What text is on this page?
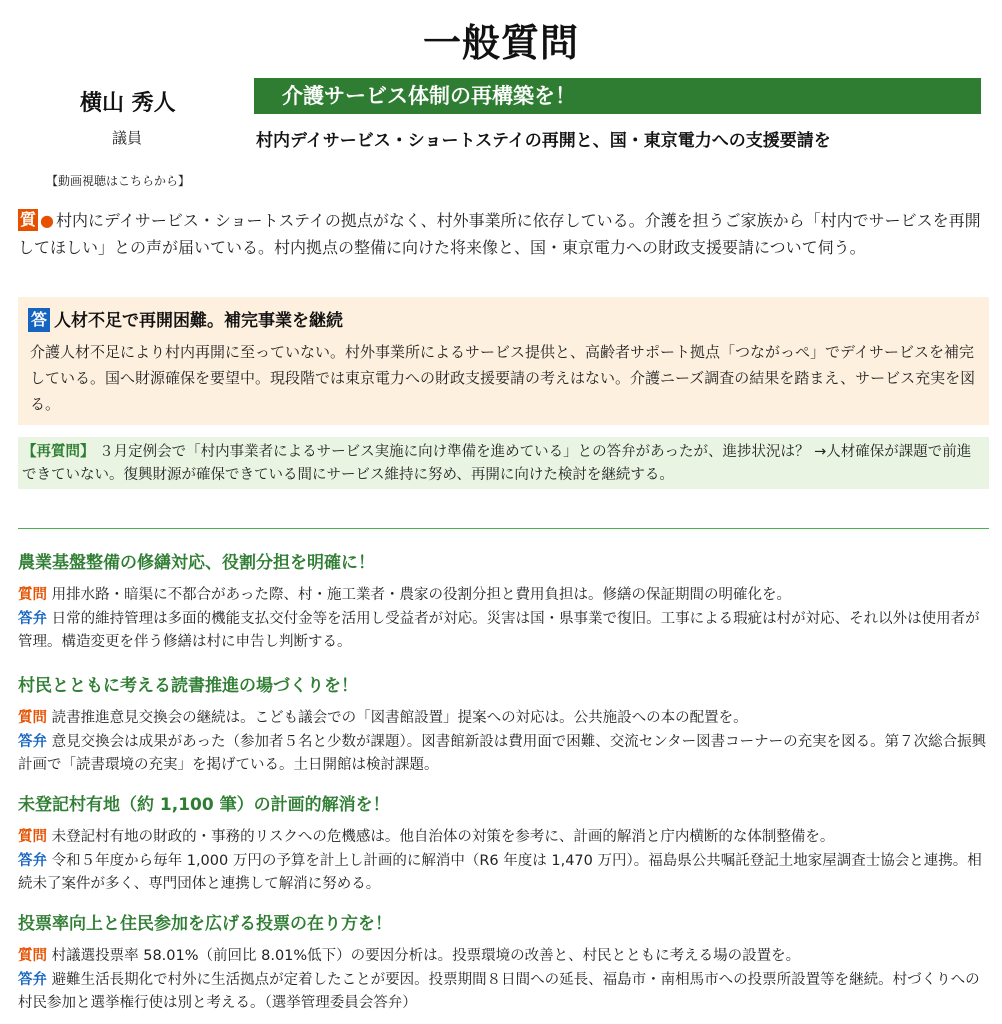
一般質問
横山 秀人
議員
【動画視聴はこちらから】
介護サービス体制の再構築を！
村内デイサービス・ショートステイの再開と、国・東京電力への支援要請を

質 ● 村内にデイサービス・ショートステイの拠点がなく、村外事業所に依存している。介護を担うご家族から「村内でサービスを再開してほしい」との声が届いている。村内拠点の整備に向けた将来像と、国・東京電力への財政支援要請について伺う。

答 人材不足で再開困難。補完事業を継続

介護人材不足により村内再開に至っていない。村外事業所によるサービス提供と、高齢者サポート拠点「つながっぺ」でデイサービスを補完している。国へ財源確保を要望中。現段階では東京電力への財政支援要請の考えはない。介護ニーズ調査の結果を踏まえ、サービス充実を図る。

【再質問】 ３月定例会で「村内事業者によるサービス実施に向け準備を進めている」との答弁があったが、進捗状況は？ →人材確保が課題で前進できていない。復興財源が確保できている間にサービス維持に努め、再開に向けた検討を継続する。
農業基盤整備の修繕対応、役割分担を明確に！

質問 用排水路・暗渠に不都合があった際、村・施工業者・農家の役割分担と費用負担は。修繕の保証期間の明確化を。

答弁 日常的維持管理は多面的機能支払交付金等を活用し受益者が対応。災害は国・県事業で復旧。工事による瑕疵は村が対応、それ以外は使用者が管理。構造変更を伴う修繕は村に申告し判断する。

村民とともに考える読書推進の場づくりを！

質問 読書推進意見交換会の継続は。こども議会での「図書館設置」提案への対応は。公共施設への本の配置を。

答弁 意見交換会は成果があった（参加者５名と少数が課題）。図書館新設は費用面で困難、交流センター図書コーナーの充実を図る。第７次総合振興計画で「読書環境の充実」を掲げている。土日開館は検討課題。

未登記村有地（約 1,100 筆）の計画的解消を！

質問 未登記村有地の財政的・事務的リスクへの危機感は。他自治体の対策を参考に、計画的解消と庁内横断的な体制整備を。

答弁 令和５年度から毎年 1,000 万円の予算を計上し計画的に解消中（R6 年度は 1,470 万円）。福島県公共嘱託登記土地家屋調査士協会と連携。相続未了案件が多く、専門団体と連携して解消に努める。

投票率向上と住民参加を広げる投票の在り方を！

質問 村議選投票率 58.01%（前回比 8.01%低下）の要因分析は。投票環境の改善と、村民とともに考える場の設置を。

答弁 避難生活長期化で村外に生活拠点が定着したことが要因。投票期間８日間への延長、福島市・南相馬市への投票所設置等を継続。村づくりへの村民参加と選挙権行使は別と考える。（選挙管理委員会答弁）
